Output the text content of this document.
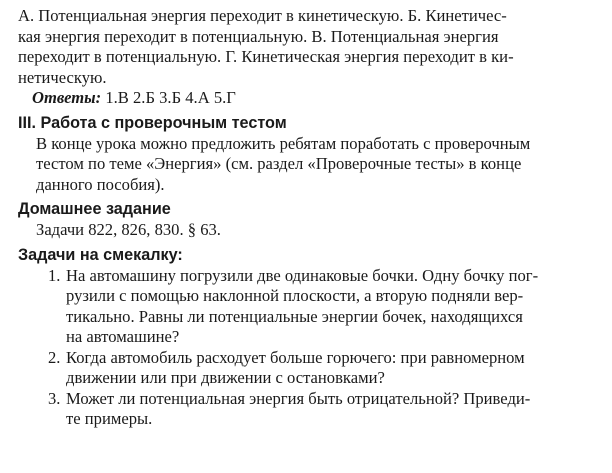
А. Потенциальная энергия переходит в кинетическую. Б. Кинетичес-
кая энергия переходит в потенциальную. В. Потенциальная энергия
переходит в потенциальную. Г. Кинетическая энергия переходит в ки-
нетическую.

Ответы: 1.В 2.Б 3.Б 4.А 5.Г

III. Работа с проверочным тестом

В конце урока можно предложить ребятам поработать с проверочным
тестом по теме «Энергия» (см. раздел «Проверочные тесты» в конце
данного пособия).

Домашнее задание

Задачи 822, 826, 830. § 63.

Задачи на смекалку:
1. На автомашину погрузили две одинаковые бочки. Одну бочку пог-
рузили с помощью наклонной плоскости, а вторую подняли вер-
тикально. Равны ли потенциальные энергии бочек, находящихся
на автомашине?
2. Когда автомобиль расходует больше горючего: при равномерном
движении или при движении с остановками?
3. Может ли потенциальная энергия быть отрицательной? Приведи-
те примеры.
